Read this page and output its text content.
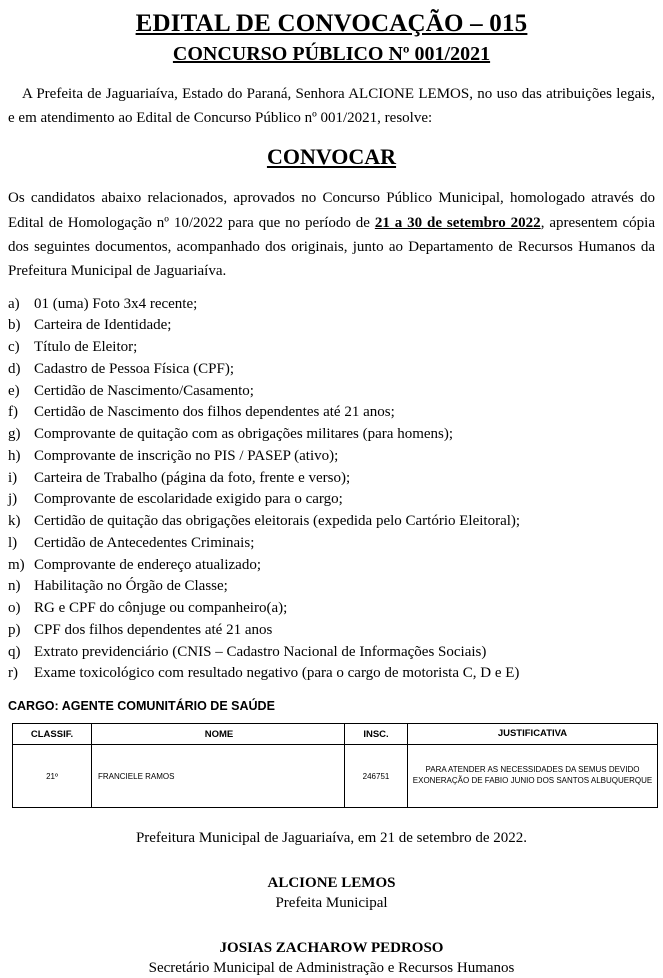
EDITAL DE CONVOCAÇÃO – 015
CONCURSO PÚBLICO Nº 001/2021

A Prefeita de Jaguariaíva, Estado do Paraná, Senhora ALCIONE LEMOS, no uso das atribuições legais, e em atendimento ao Edital de Concurso Público nº 001/2021, resolve:

CONVOCAR

Os candidatos abaixo relacionados, aprovados no Concurso Público Municipal, homologado através do Edital de Homologação nº 10/2022 para que no período de 21 a 30 de setembro 2022, apresentem cópia dos seguintes documentos, acompanhado dos originais, junto ao Departamento de Recursos Humanos da Prefeitura Municipal de Jaguariaíva.

a) 01 (uma) Foto 3x4 recente;
b) Carteira de Identidade;
c) Título de Eleitor;
d) Cadastro de Pessoa Física (CPF);
e) Certidão de Nascimento/Casamento;
f)	Certidão de Nascimento dos filhos dependentes até 21 anos;
g) Comprovante de quitação com as obrigações militares (para homens);
h) Comprovante de inscrição no PIS / PASEP (ativo);
i)	Carteira de Trabalho (página da foto, frente e verso);
j)	Comprovante de escolaridade exigido para o cargo;
k) Certidão de quitação das obrigações eleitorais (expedida pelo Cartório Eleitoral);
l)	Certidão de Antecedentes Criminais;
m) Comprovante de endereço atualizado;
n) Habilitação no Órgão de Classe;
o) RG e CPF do cônjuge ou companheiro(a);
p) CPF dos filhos dependentes até 21 anos
q) Extrato previdenciário (CNIS – Cadastro Nacional de Informações Sociais)
r)	Exame toxicológico com resultado negativo (para o cargo de motorista C, D e E)
CARGO: AGENTE COMUNITÁRIO DE SAÚDE
CLASSIF.	NOME	INSC.	JUSTIFICATIVA
21º	FRANCIELE RAMOS	246751	PARA ATENDER AS NECESSIDADES DA SEMUS DEVIDO EXONERAÇÃO DE FABIO JUNIO DOS SANTOS ALBUQUERQUE
Prefeitura Municipal de Jaguariaíva, em 21 de setembro de 2022.
ALCIONE LEMOS
Prefeita Municipal
JOSIAS ZACHAROW PEDROSO
Secretário Municipal de Administração e Recursos Humanos
